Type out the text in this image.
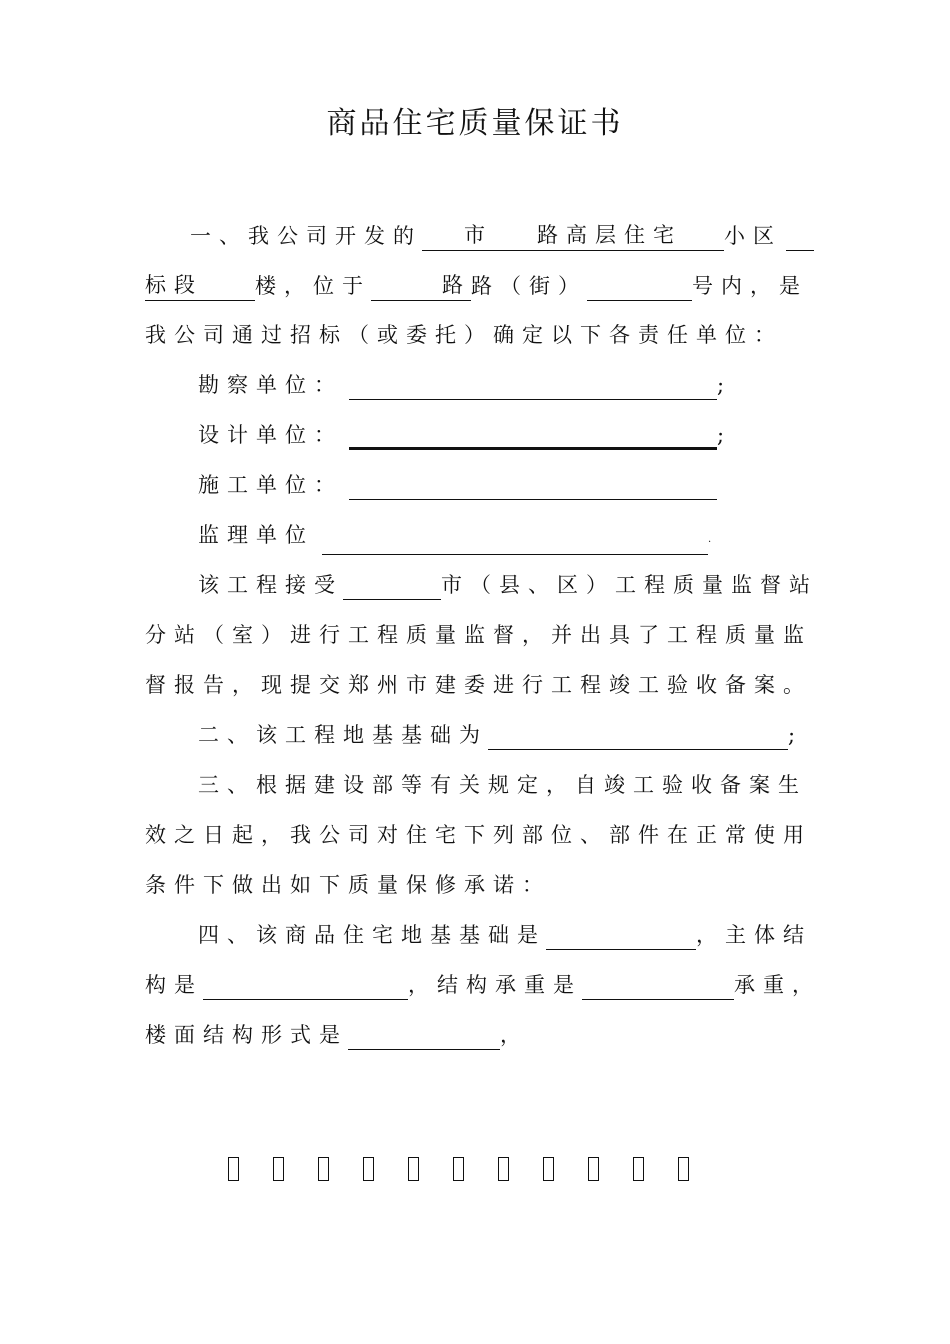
商品住宅质量保证书
一、我公司开发的 市 路高层住宅 小区
标段 楼，位于	路路（街）	号内，是
我公司通过招标（或委托）确定以下各责任单位：
勘察单位：	;
设计单位：	;
施工单位：
监理单位	.
该工程接受	市（县、区）工程质量监督站
分站（室）进行工程质量监督，并出具了工程质量监
督报告，现提交郑州市建委进行工程竣工验收备案。
二、该工程地基基础为	;
三、根据建设部等有关规定，自竣工验收备案生
效之日起，我公司对住宅下列部位、部件在正常使用
条件下做出如下质量保修承诺：
四、该商品住宅地基基础是	，主体结
构是	，结构承重是	承重，
楼面结构形式是	，
